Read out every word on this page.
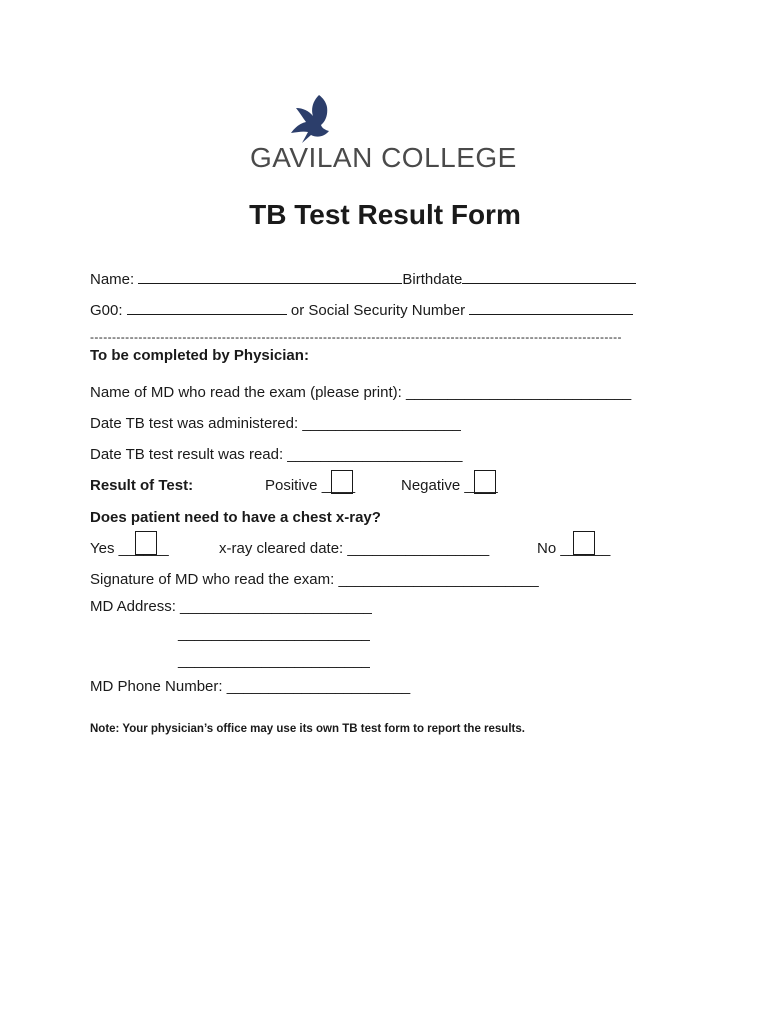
GAVILAN COLLEGE
TB Test Result Form
Name:	Birthdate
G00:	or Social Security Number
-------------------------------------------------------------------------------------------------------------------------
To be completed by Physician:
Name of MD who read the exam (please print): ___________________________
Date TB test was administered: ___________________
Date TB test result was read: _____________________
Result of Test:	Positive ____	Negative ____
Does patient need to have a chest x-ray?
Yes ______	x-ray cleared date: _________________	No ______
Signature of MD who read the exam: ________________________
MD Address: _______________________
_______________________
_______________________
MD Phone Number: ______________________
Note: Your physician’s office may use its own TB test form to report the results.
